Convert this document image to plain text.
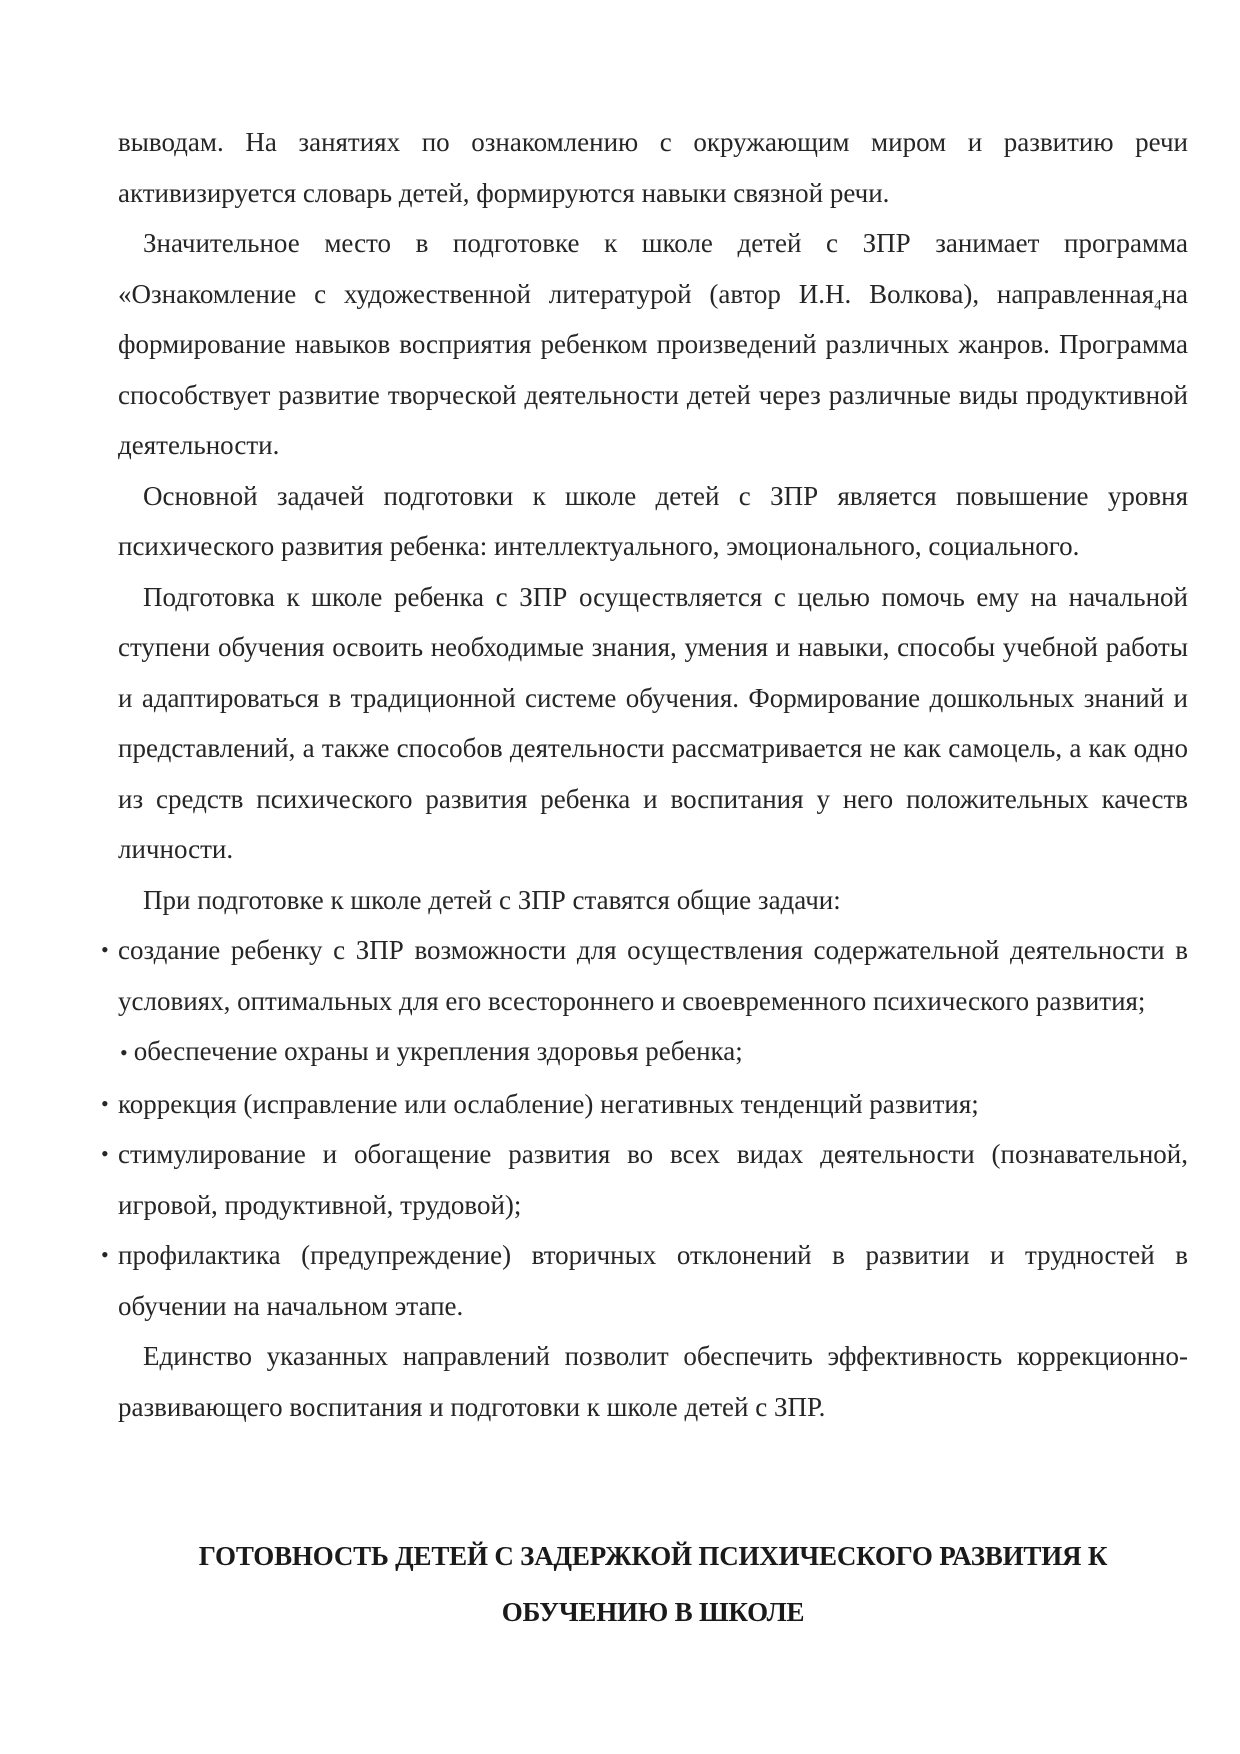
выводам. На занятиях по ознакомлению с окружающим миром и развитию речи активизируется словарь детей, формируются навыки связной речи.

Значительное место в подготовке к школе детей с ЗПР занимает программа «Ознакомление с художественной литературой (автор И.Н. Волкова), направленная$_4$на формирование навыков восприятия ребенком произведений различных жанров. Программа способствует развитие творческой деятельности детей через различные виды продуктивной деятельности.

Основной задачей подготовки к школе детей с ЗПР является повышение уровня психического развития ребенка: интеллектуального, эмоционального, социального.

Подготовка к школе ребенка с ЗПР осуществляется с целью помочь ему на начальной ступени обучения освоить необходимые знания, умения и навыки, способы учебной работы и адаптироваться в традиционной системе обучения. Формирование дошкольных знаний и представлений, а также способов деятельности рассматривается не как самоцель, а как одно из средств психического развития ребенка и воспитания у него положительных качеств личности.

При подготовке к школе детей с ЗПР ставятся общие задачи:

• создание ребенку с ЗПР возможности для осуществления содержательной деятельности в условиях, оптимальных для его всестороннего и своевременного психического развития;
• обеспечение охраны и укрепления здоровья ребенка;
• коррекция (исправление или ослабление) негативных тенденций развития;
• стимулирование и обогащение развития во всех видах деятельности (познавательной, игровой, продуктивной, трудовой);
• профилактика (предупреждение) вторичных отклонений в развитии и трудностей в обучении на начальном этапе.

Единство указанных направлений позволит обеспечить эффективность коррекционно-развивающего воспитания и подготовки к школе детей с ЗПР.

ГОТОВНОСТЬ ДЕТЕЙ С ЗАДЕРЖКОЙ ПСИХИЧЕСКОГО РАЗВИТИЯ К
ОБУЧЕНИЮ В ШКОЛЕ
